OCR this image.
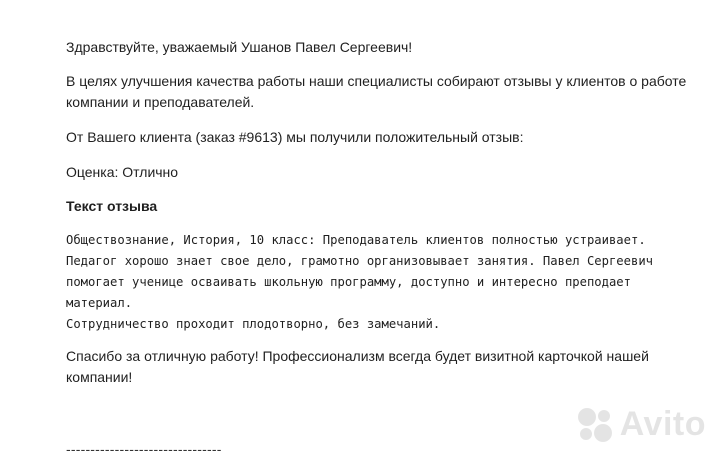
Здравствуйте, уважаемый Ушанов Павел Сергеевич!

В целях улучшения качества работы наши специалисты собирают отзывы у клиентов о работе компании и преподавателей.

От Вашего клиента (заказ #9613) мы получили положительный отзыв:

Оценка: Отлично

Текст отзыва

Обществознание, История, 10 класс: Преподаватель клиентов полностью устраивает.
Педагог хорошо знает свое дело, грамотно организовывает занятия. Павел Сергеевич
помогает ученице осваивать школьную программу, доступно и интересно преподает
материал.
Сотрудничество проходит плодотворно, без замечаний.

Спасибо за отличную работу! Профессионализм всегда будет визитной карточкой нашей компании!

--------------------------------

Avito
